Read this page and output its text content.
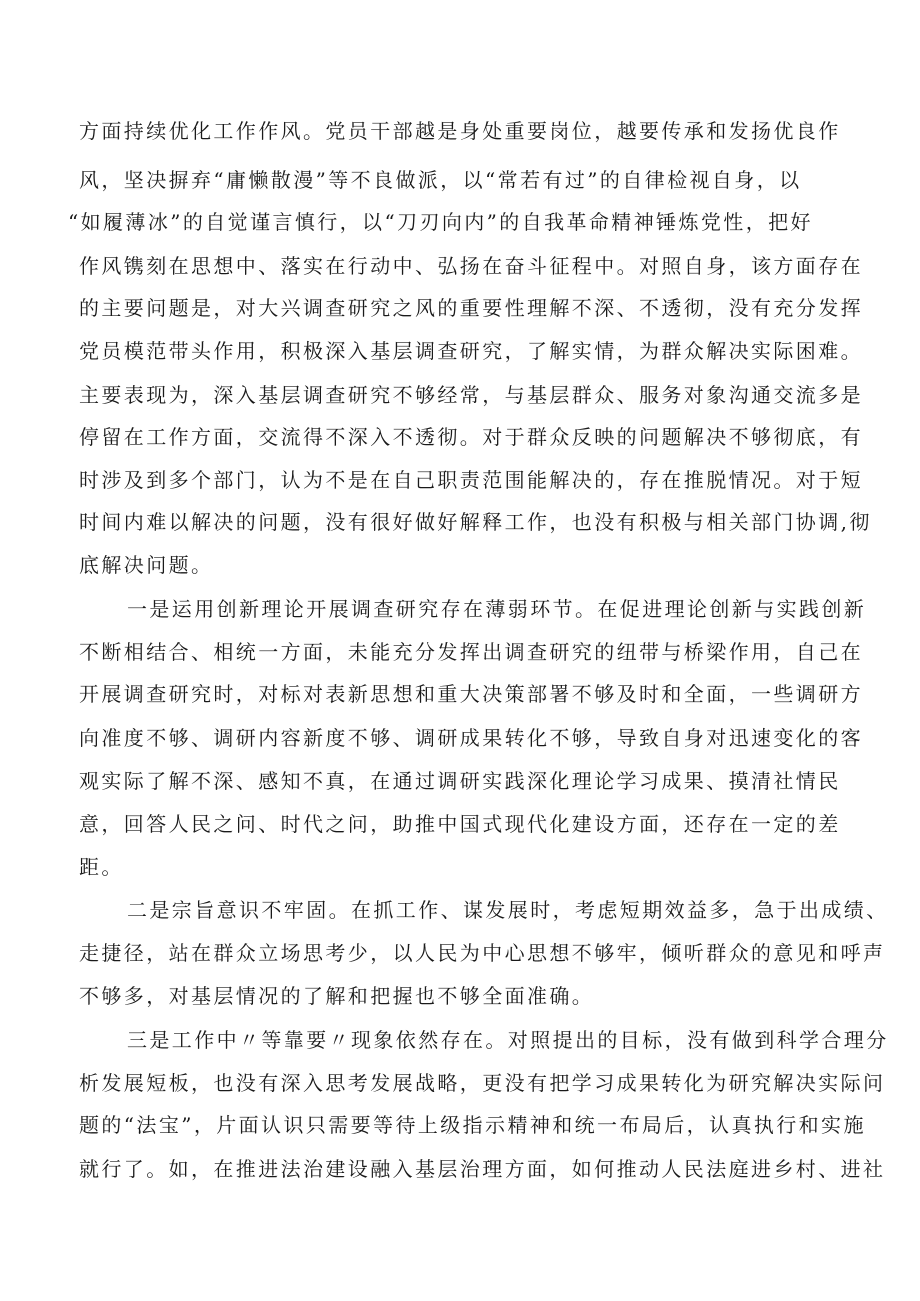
方面持续优化工作作风。党员干部越是身处重要岗位，越要传承和发扬优良作
风，坚决摒弃“庸懒散漫”等不良做派，以“常若有过”的自律检视自身，以
“如履薄冰”的自觉谨言慎行，以“刀刃向内”的自我革命精神锤炼党性，把好
作风镌刻在思想中、落实在行动中、弘扬在奋斗征程中。对照自身，该方面存在
的主要问题是，对大兴调查研究之风的重要性理解不深、不透彻，没有充分发挥
党员模范带头作用，积极深入基层调查研究，了解实情，为群众解决实际困难。
主要表现为，深入基层调查研究不够经常，与基层群众、服务对象沟通交流多是
停留在工作方面，交流得不深入不透彻。对于群众反映的问题解决不够彻底，有
时涉及到多个部门，认为不是在自己职责范围能解决的，存在推脱情况。对于短
时间内难以解决的问题，没有很好做好解释工作，也没有积极与相关部门协调,彻
底解决问题。
一是运用创新理论开展调查研究存在薄弱环节。在促进理论创新与实践创新
不断相结合、相统一方面，未能充分发挥出调查研究的纽带与桥梁作用，自己在
开展调查研究时，对标对表新思想和重大决策部署不够及时和全面，一些调研方
向准度不够、调研内容新度不够、调研成果转化不够，导致自身对迅速变化的客
观实际了解不深、感知不真，在通过调研实践深化理论学习成果、摸清社情民
意，回答人民之问、时代之问，助推中国式现代化建设方面，还存在一定的差
距。
二是宗旨意识不牢固。在抓工作、谋发展时，考虑短期效益多，急于出成绩、
走捷径，站在群众立场思考少，以人民为中心思想不够牢，倾听群众的意见和呼声
不够多，对基层情况的了解和把握也不够全面准确。
三是工作中〃等靠要〃现象依然存在。对照提出的目标，没有做到科学合理分
析发展短板，也没有深入思考发展战略，更没有把学习成果转化为研究解决实际问
题的“法宝”，片面认识只需要等待上级指示精神和统一布局后，认真执行和实施
就行了。如，在推进法治建设融入基层治理方面，如何推动人民法庭进乡村、进社
